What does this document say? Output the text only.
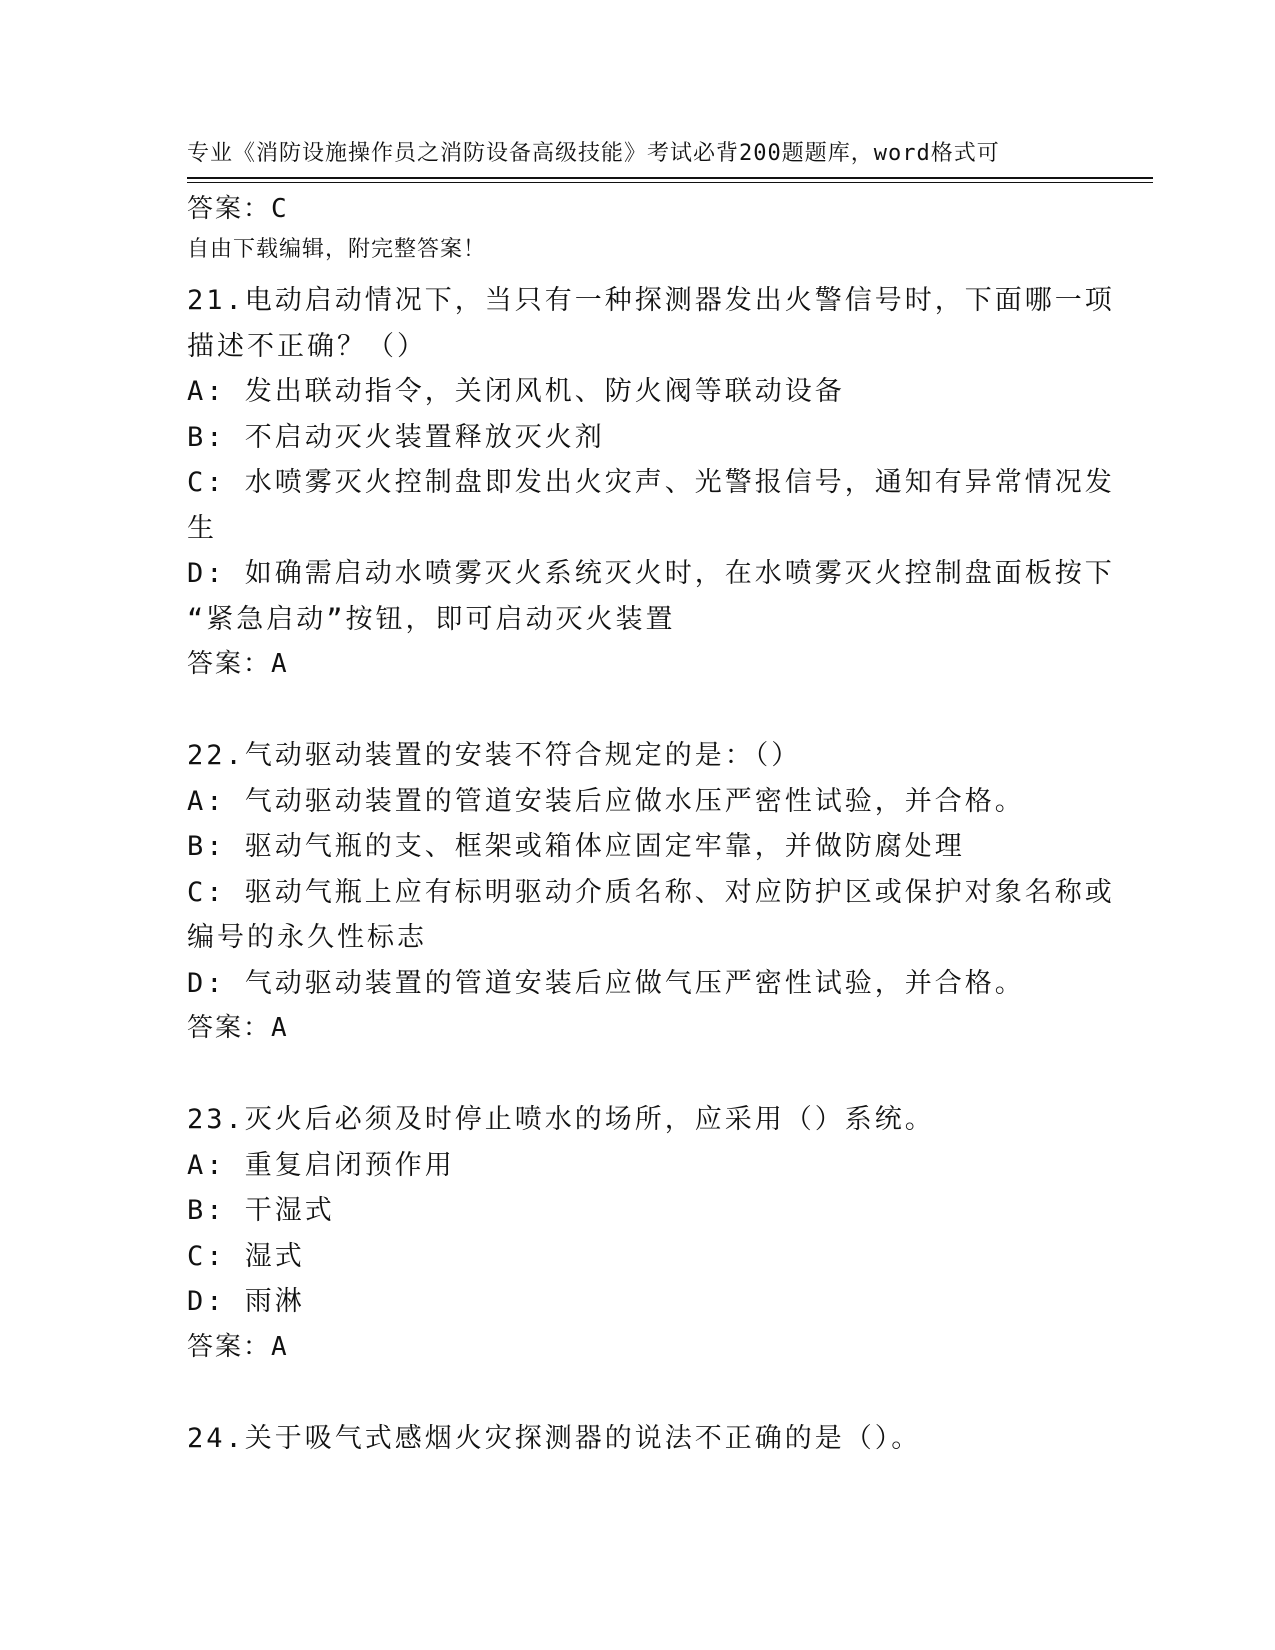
专业《消防设施操作员之消防设备高级技能》考试必背200题题库，word格式可

自由下载编辑，附完整答案！

答案：C
21.电动启动情况下，当只有一种探测器发出火警信号时，下面哪一项
描述不正确？（）
A: 发出联动指令，关闭风机、防火阀等联动设备
B: 不启动灭火装置释放灭火剂
C: 水喷雾灭火控制盘即发出火灾声、光警报信号，通知有异常情况发
生
D: 如确需启动水喷雾灭火系统灭火时，在水喷雾灭火控制盘面板按下
“紧急启动”按钮，即可启动灭火装置
答案：A
22.气动驱动装置的安装不符合规定的是：（）
A: 气动驱动装置的管道安装后应做水压严密性试验，并合格。
B: 驱动气瓶的支、框架或箱体应固定牢靠，并做防腐处理
C: 驱动气瓶上应有标明驱动介质名称、对应防护区或保护对象名称或
编号的永久性标志
D: 气动驱动装置的管道安装后应做气压严密性试验，并合格。
答案：A
23.灭火后必须及时停止喷水的场所，应采用（）系统。
A: 重复启闭预作用
B: 干湿式
C: 湿式
D: 雨淋
答案：A
24.关于吸气式感烟火灾探测器的说法不正确的是（）。
